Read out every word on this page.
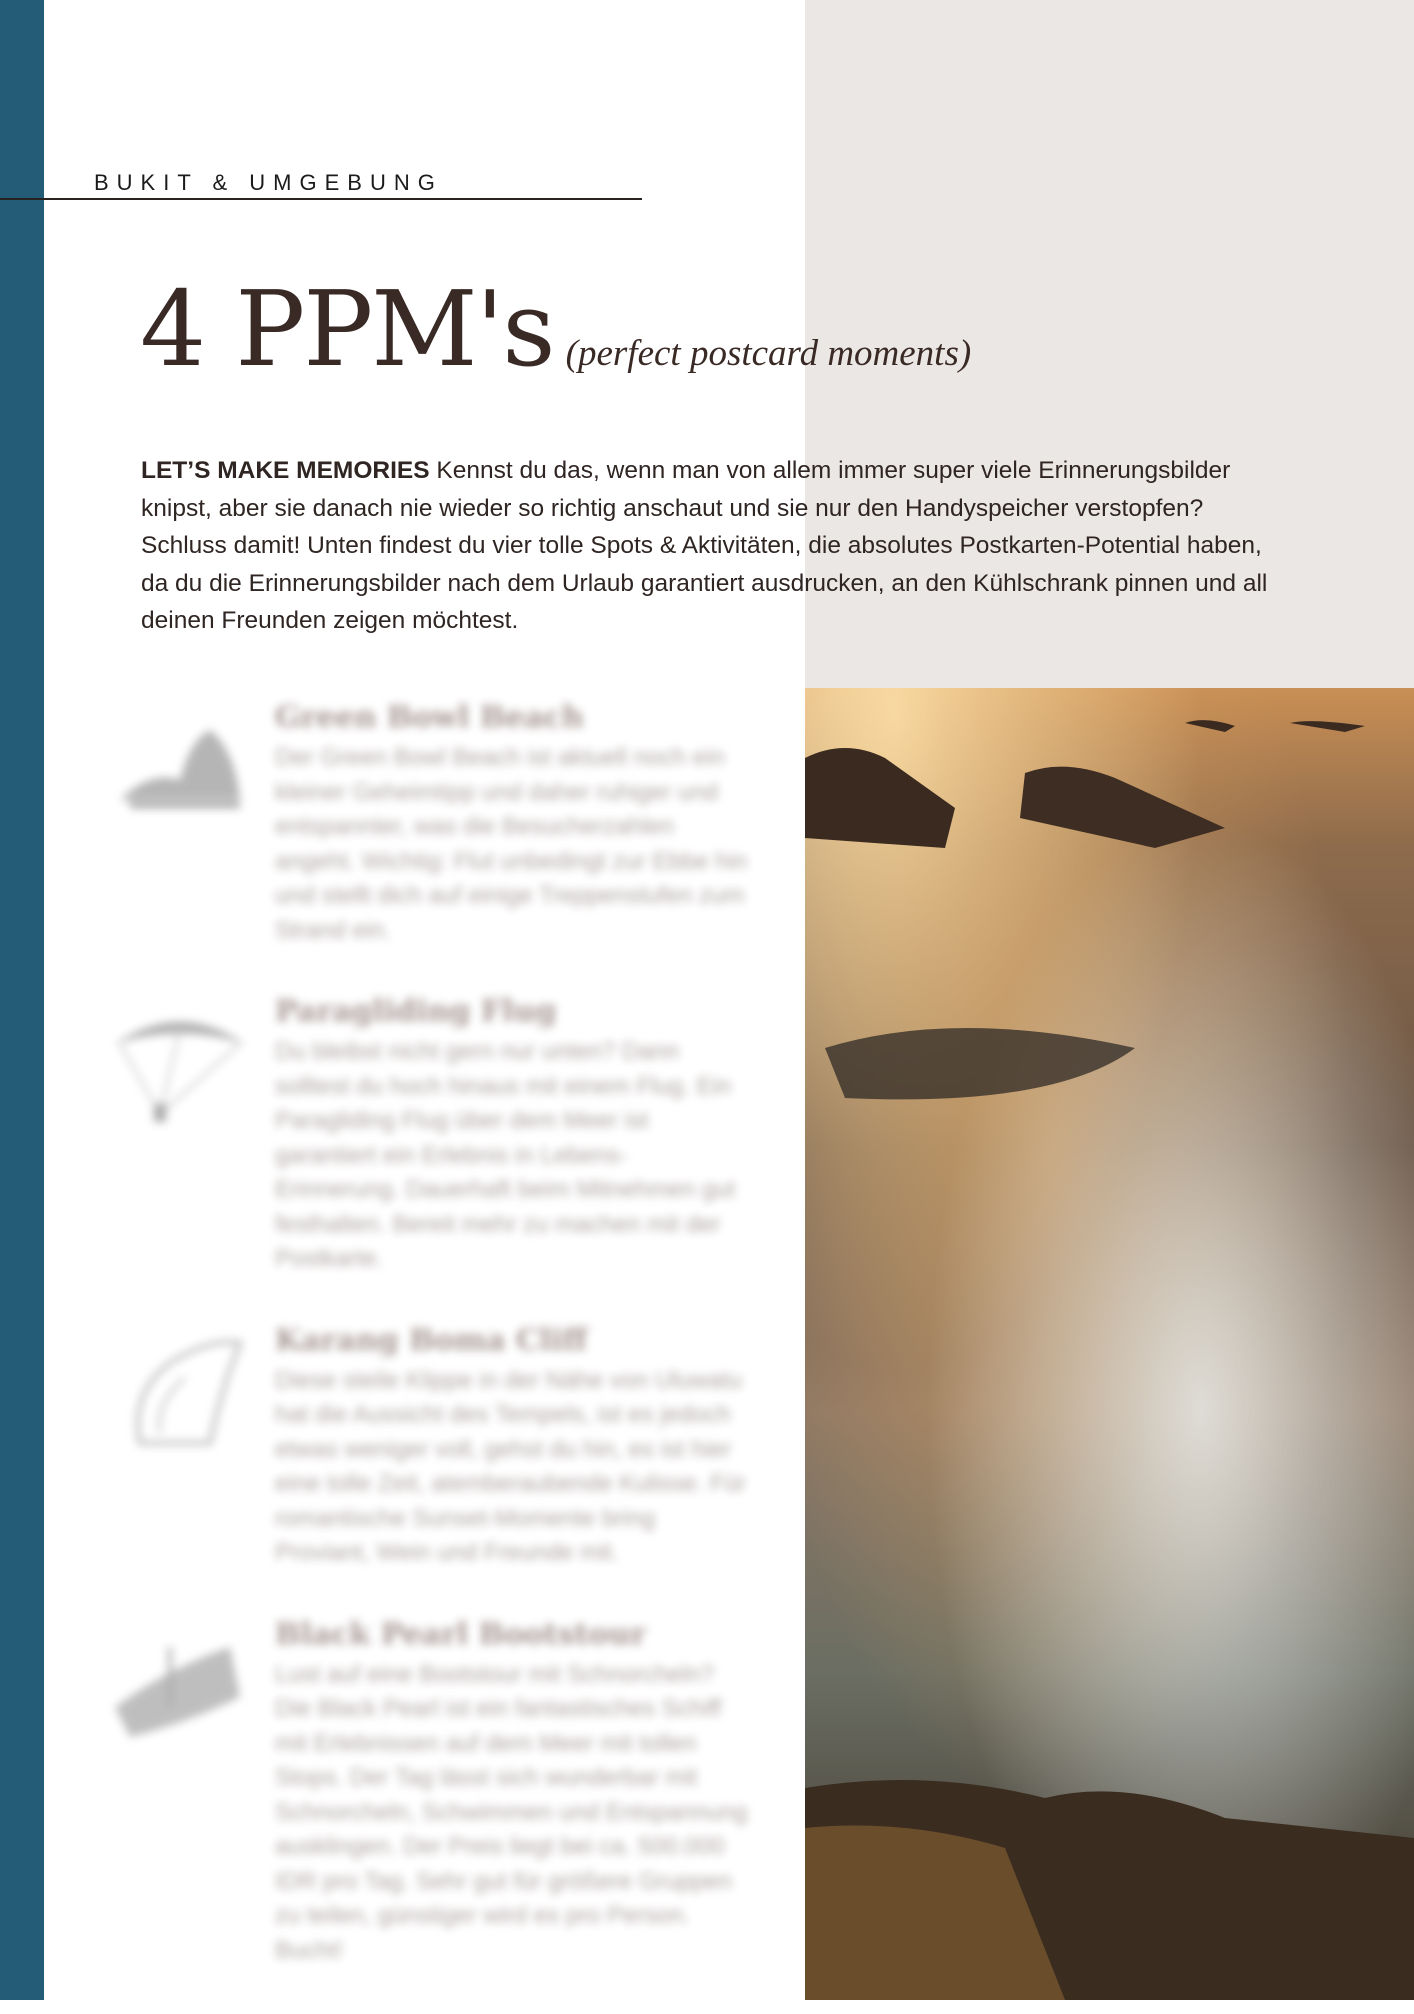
BUKIT & UMGEBUNG
4 PPM's (perfect postcard moments)
LET’S MAKE MEMORIES Kennst du das, wenn man von allem immer super viele Erinnerungsbilder knipst, aber sie danach nie wieder so richtig anschaut und sie nur den Handyspeicher verstopfen? Schluss damit! Unten findest du vier tolle Spots & Aktivitäten, die absolutes Postkarten-Potential haben, da du die Erinnerungsbilder nach dem Urlaub garantiert ausdrucken, an den Kühlschrank pinnen und all deinen Freunden zeigen möchtest.
Green Bowl Beach
Der Green Bowl Beach ist aktuell noch ein kleiner Geheimtipp und daher ruhiger und entspannter, was die Besucherzahlen angeht. Wichtig: Flut unbedingt zur Ebbe hin und stellt dich auf einige Treppenstufen zum Strand ein.
Paragliding Flug
Du bleibst nicht gern nur unten? Dann solltest du hoch hinaus mit einem Flug. Ein Paragliding Flug über dem Meer ist garantiert ein Erlebnis in Lebens-Erinnerung. Dauerhaft beim Mitnehmen gut festhalten. Bereit mehr zu machen mit der Postkarte.
Karang Boma Cliff
Diese steile Klippe in der Nähe von Uluwatu hat die Aussicht des Tempels, ist es jedoch etwas weniger voll, gehst du hin, es ist hier eine tolle Zeit, atemberaubende Kulisse. Für romantische Sunset-Momente bring Proviant, Wein und Freunde mit.
Black Pearl Bootstour
Lust auf eine Bootstour mit Schnorcheln? Die Black Pearl ist ein fantastisches Schiff mit Erlebnissen auf dem Meer mit tollen Stops. Der Tag lässt sich wunderbar mit Schnorcheln, Schwimmen und Entspannung ausklingen. Der Preis liegt bei ca. 500.000 IDR pro Tag. Sehr gut für größere Gruppen zu teilen, günstiger wird es pro Person. Bucht!
